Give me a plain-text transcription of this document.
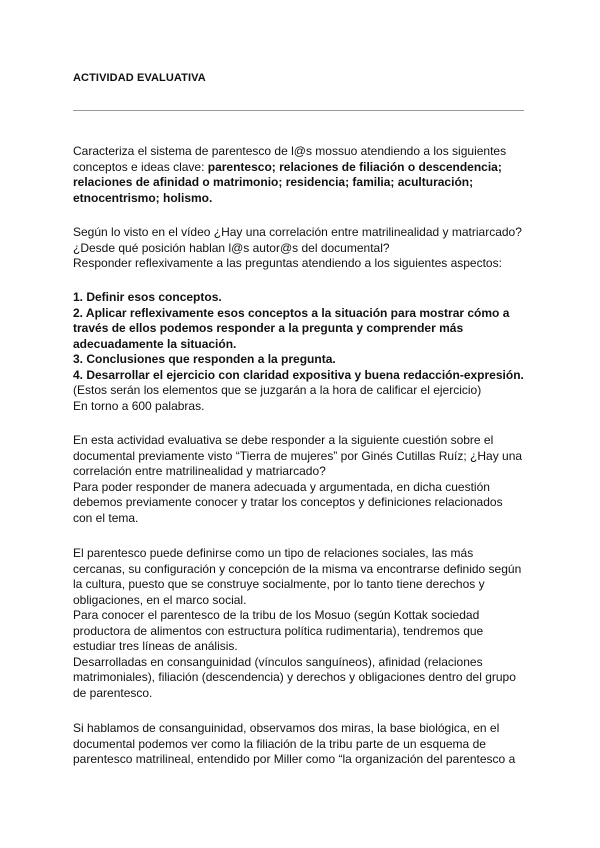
ACTIVIDAD EVALUATIVA
Caracteriza el sistema de parentesco de l@s mossuo atendiendo a los siguientes
conceptos e ideas clave: parentesco; relaciones de filiación o descendencia;
relaciones de afinidad o matrimonio; residencia; familia; aculturación;
etnocentrismo; holismo.
Según lo visto en el vídeo ¿Hay una correlación entre matrilinealidad y matriarcado?
¿Desde qué posición hablan l@s autor@s del documental?
Responder reflexivamente a las preguntas atendiendo a los siguientes aspectos:
1. Definir esos conceptos.
2. Aplicar reflexivamente esos conceptos a la situación para mostrar cómo a
través de ellos podemos responder a la pregunta y comprender más
adecuadamente la situación.
3. Conclusiones que responden a la pregunta.
4. Desarrollar el ejercicio con claridad expositiva y buena redacción-expresión.
(Estos serán los elementos que se juzgarán a la hora de calificar el ejercicio)
En torno a 600 palabras.
En esta actividad evaluativa se debe responder a la siguiente cuestión sobre el
documental previamente visto “Tierra de mujeres” por Ginés Cutillas Ruíz; ¿Hay una
correlación entre matrilinealidad y matriarcado?
Para poder responder de manera adecuada y argumentada, en dicha cuestión
debemos previamente conocer y tratar los conceptos y definiciones relacionados
con el tema.
El parentesco puede definirse como un tipo de relaciones sociales, las más
cercanas, su configuración y concepción de la misma va encontrarse definido según
la cultura, puesto que se construye socialmente, por lo tanto tiene derechos y
obligaciones, en el marco social.
Para conocer el parentesco de la tribu de los Mosuo (según Kottak sociedad
productora de alimentos con estructura política rudimentaria), tendremos que
estudiar tres líneas de análisis.
Desarrolladas en consanguinidad (vínculos sanguíneos), afinidad (relaciones
matrimoniales), filiación (descendencia) y derechos y obligaciones dentro del grupo
de parentesco.
Si hablamos de consanguinidad, observamos dos miras, la base biológica, en el
documental podemos ver como la filiación de la tribu parte de un esquema de
parentesco matrilineal, entendido por Miller como “la organización del parentesco a
